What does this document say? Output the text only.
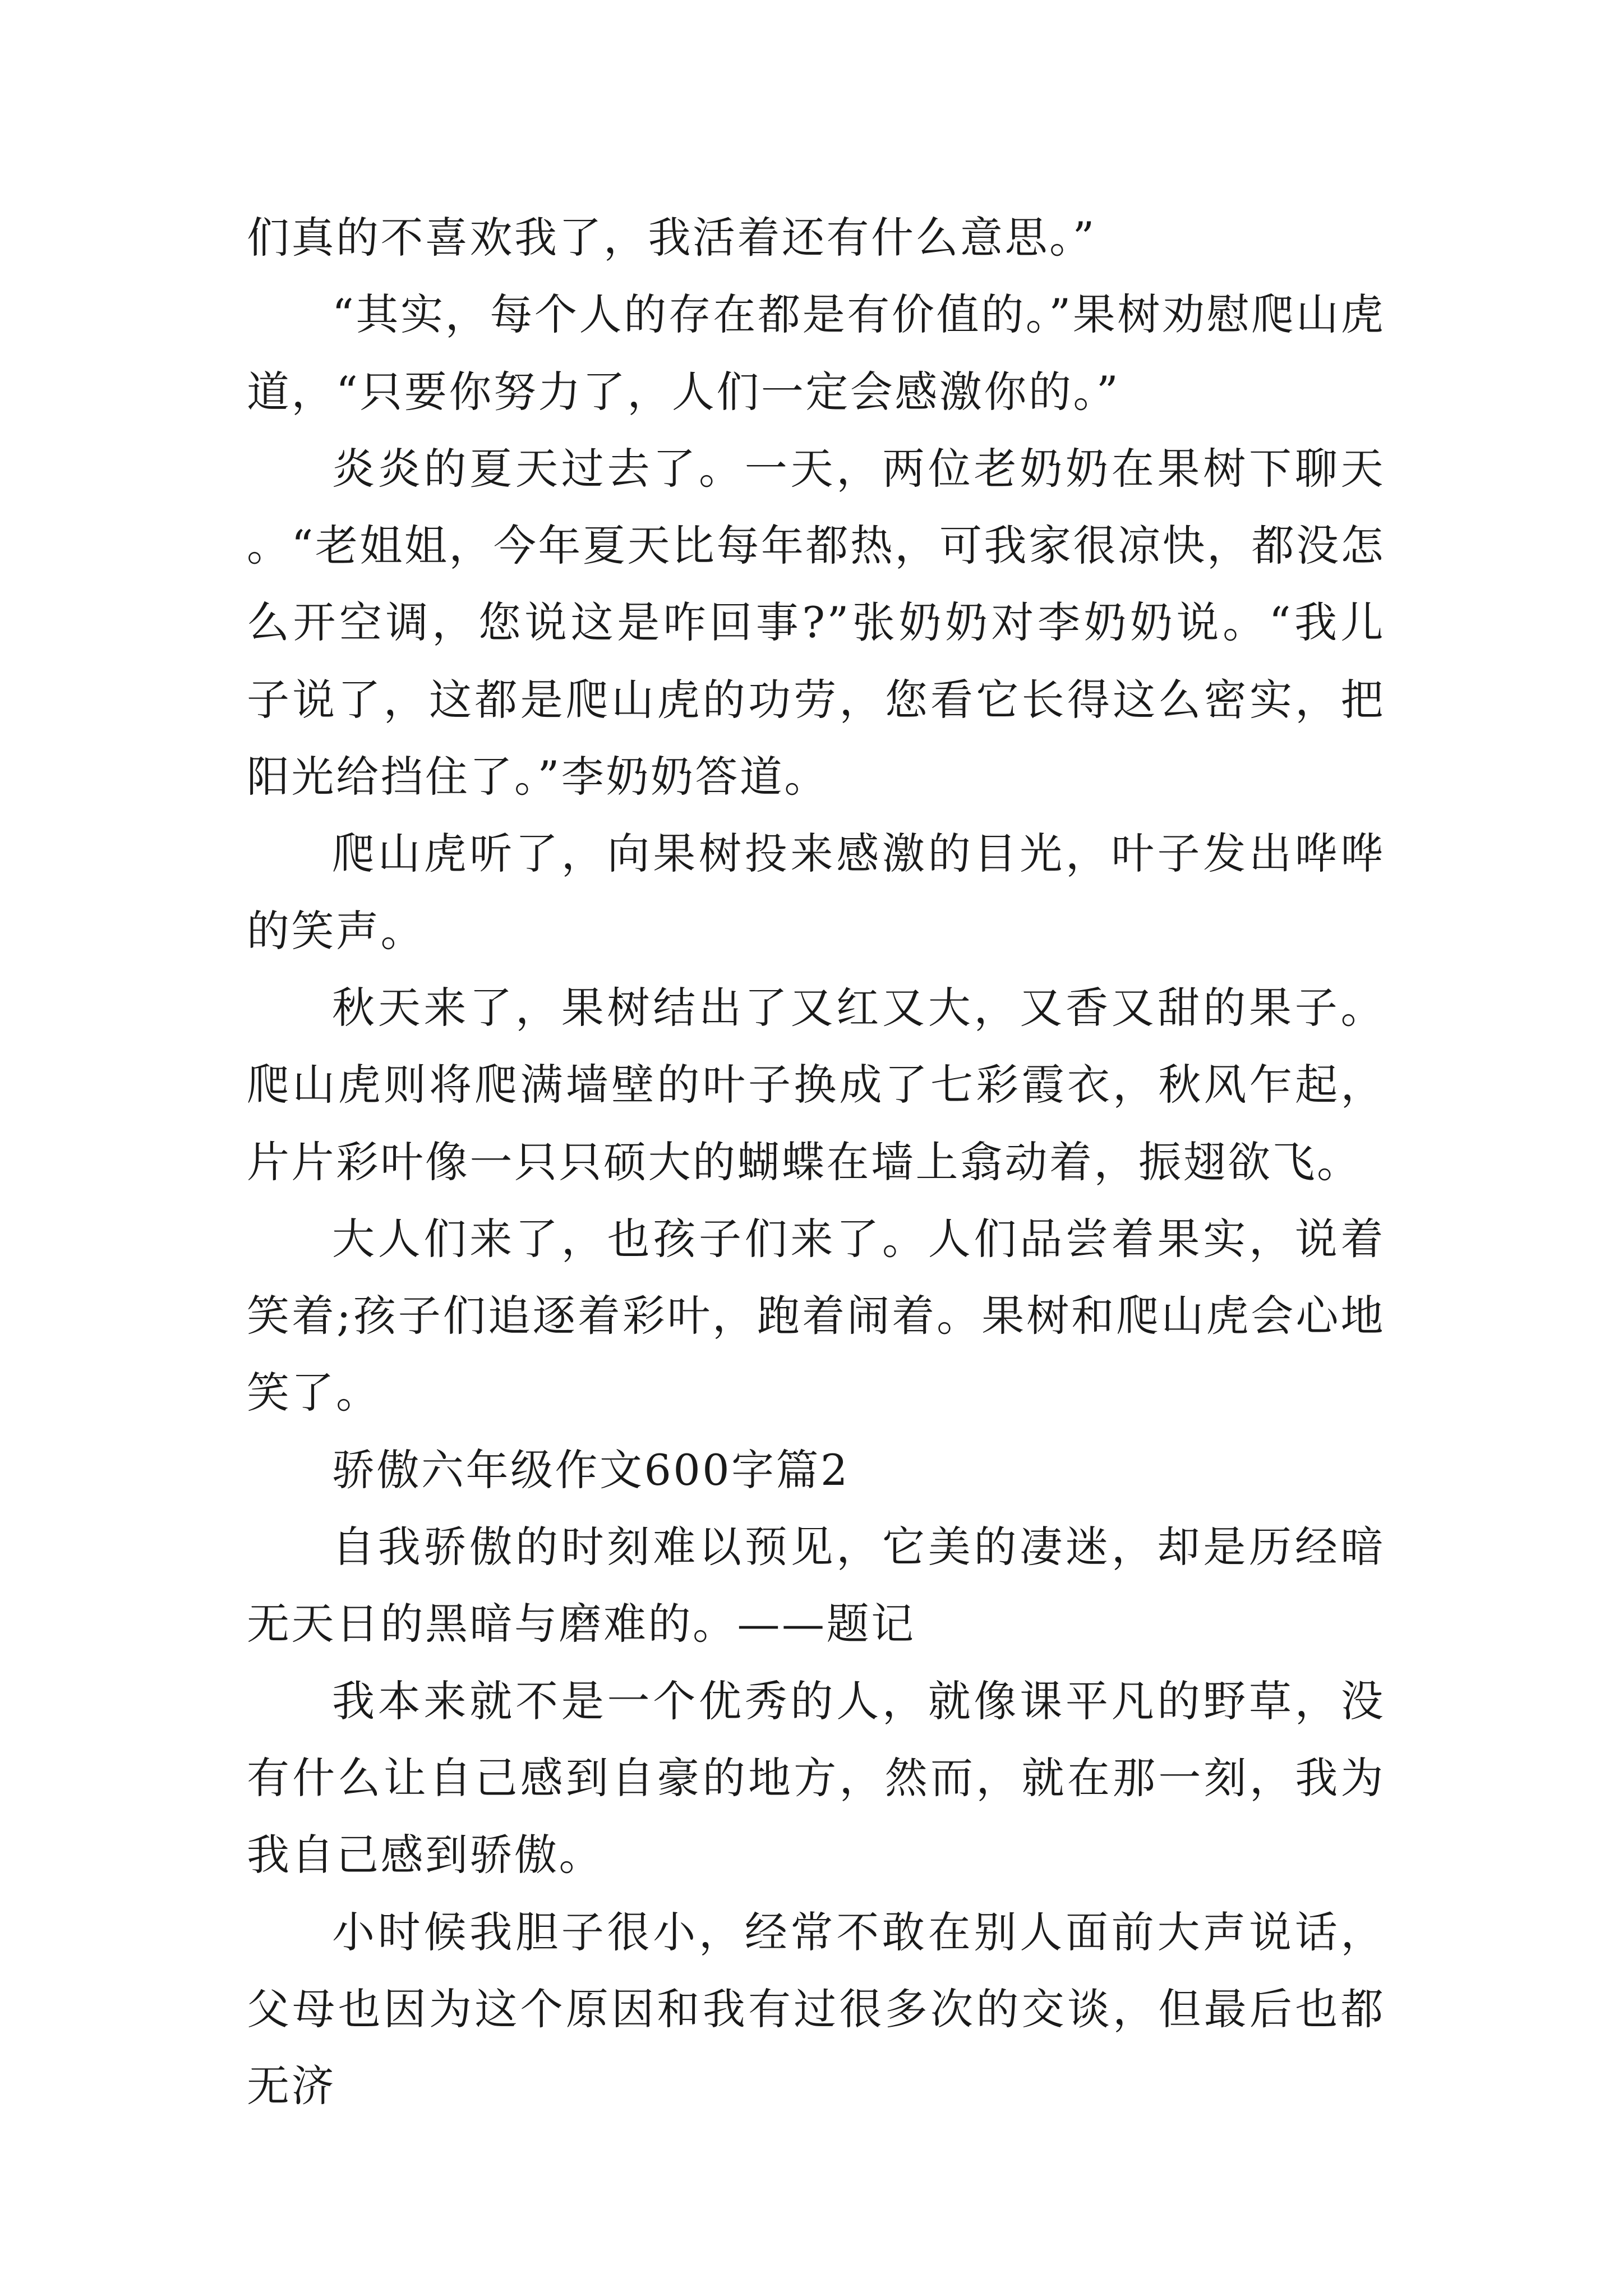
们真的不喜欢我了，我活着还有什么意思。”

“其实，每个人的存在都是有价值的。”果树劝慰爬山虎道，“只要你努力了，人们一定会感激你的。”

炎炎的夏天过去了。一天，两位老奶奶在果树下聊天。“老姐姐，今年夏天比每年都热，可我家很凉快，都没怎么开空调，您说这是咋回事?”张奶奶对李奶奶说。“我儿子说了，这都是爬山虎的功劳，您看它长得这么密实，把阳光给挡住了。”李奶奶答道。

爬山虎听了，向果树投来感激的目光，叶子发出哗哗的笑声。

秋天来了，果树结出了又红又大，又香又甜的果子。爬山虎则将爬满墙壁的叶子换成了七彩霞衣，秋风乍起，片片彩叶像一只只硕大的蝴蝶在墙上翕动着，振翅欲飞。

大人们来了，也孩子们来了。人们品尝着果实，说着笑着;孩子们追逐着彩叶，跑着闹着。果树和爬山虎会心地笑了。

骄傲六年级作文600字篇2

自我骄傲的时刻难以预见，它美的凄迷，却是历经暗无天日的黑暗与磨难的。——题记

我本来就不是一个优秀的人，就像课平凡的野草，没有什么让自己感到自豪的地方，然而，就在那一刻，我为我自己感到骄傲。

小时候我胆子很小，经常不敢在别人面前大声说话，父母也因为这个原因和我有过很多次的交谈，但最后也都无济
